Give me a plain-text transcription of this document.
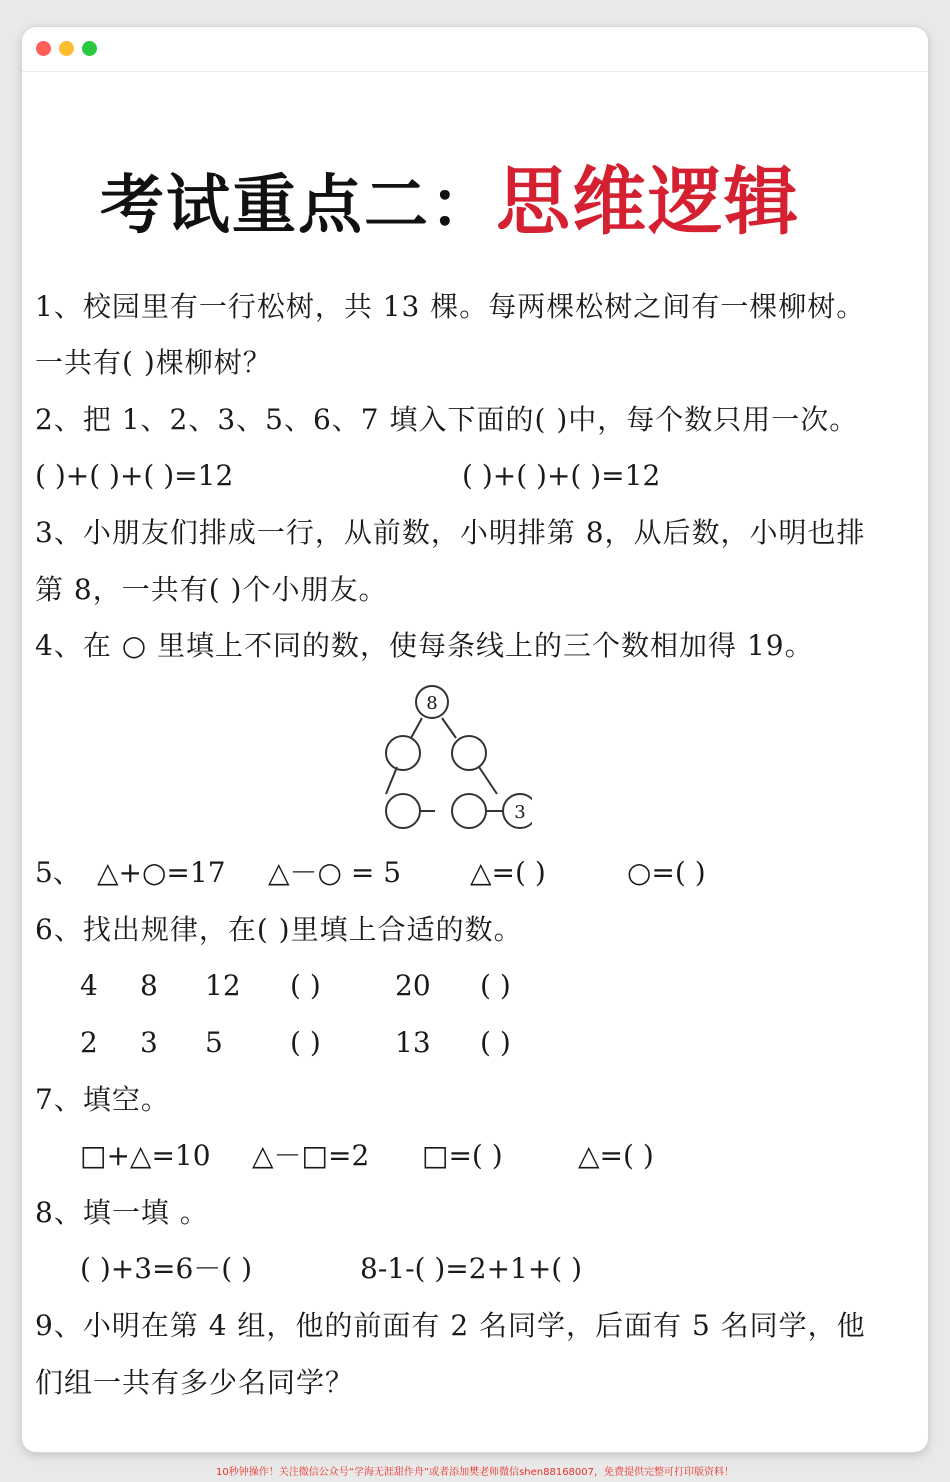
考试重点二：思维逻辑
1、校园里有一行松树，共 13 棵。每两棵松树之间有一棵柳树。
一共有( )棵柳树？
2、把 1、2、3、5、6、7 填入下面的( )中，每个数只用一次。
( )+( )+( )=12	( )+( )+( )=12
3、小朋友们排成一行，从前数，小明排第 8，从后数，小明也排
第 8，一共有( )个小朋友。
4、在 ○ 里填上不同的数，使每条线上的三个数相加得 19。
8
3
5、 △+○=17 △－○ = 5 △=( )	○=( )
6、找出规律，在( )里填上合适的数。
4 8 12 ( )	20 ( )
2 3 5 ( )	13 ( )
7、填空。
□+△=10 △－□=2 □=( )	△=( )
8、填一填 。
( )+3=6－( )	8-1-( )=2+1+( )
9、小明在第 4 组，他的前面有 2 名同学，后面有 5 名同学，他
们组一共有多少名同学？
10秒钟操作！关注微信公众号“学海无涯甜作舟”或者添加樊老师微信shen88168007，免费提供完整可打印版资料！
